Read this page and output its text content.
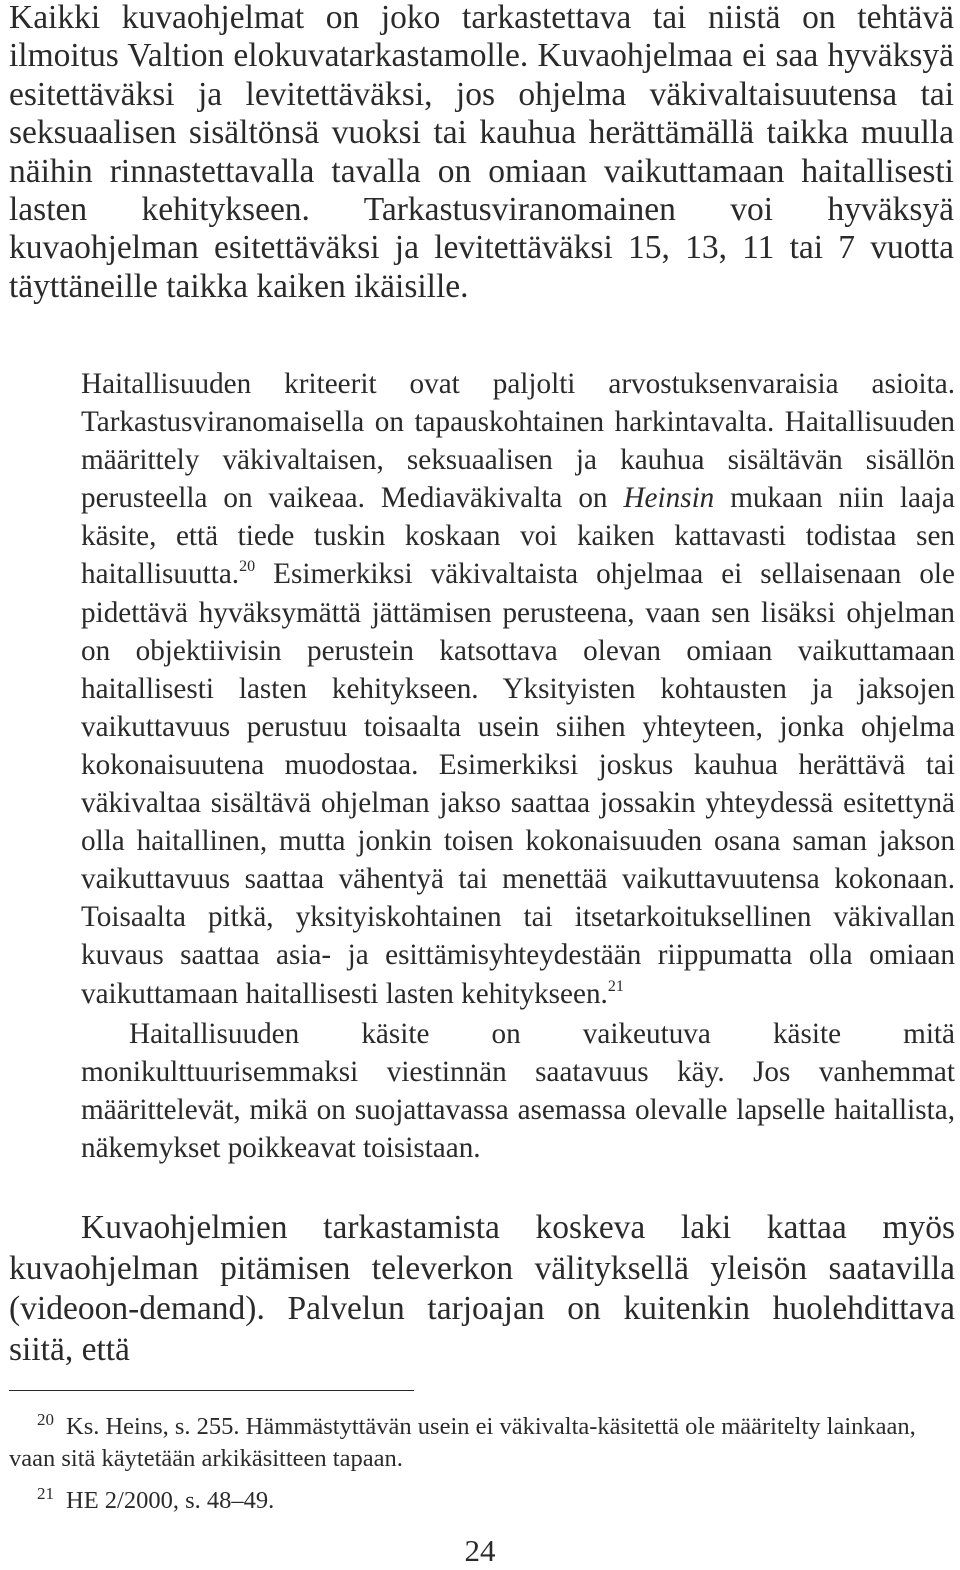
Kaikki kuvaohjelmat on joko tarkastettava tai niistä on tehtävä ilmoitus Valtion elokuvatarkastamolle. Kuvaohjelmaa ei saa hyväksyä esitettäväksi ja levitettäväksi, jos ohjelma väkivaltaisuutensa tai seksuaalisen sisältönsä vuoksi tai kauhua herättämällä taikka muulla näihin rinnastettavalla tavalla on omiaan vaikuttamaan haitallisesti lasten kehitykseen. Tarkastusviranomainen voi hyväksyä kuvaohjelman esitettäväksi ja levitettäväksi 15, 13, 11 tai 7 vuotta täyttäneille taikka kaiken ikäisille.

Haitallisuuden kriteerit ovat paljolti arvostuksenvaraisia asioita. Tarkastusviranomaisella on tapauskohtainen harkintavalta. Haitallisuuden määrittely väkivaltaisen, seksuaalisen ja kauhua sisältävän sisällön perusteella on vaikeaa. Mediaväkivalta on Heinsin mukaan niin laaja käsite, että tiede tuskin koskaan voi kaiken kattavasti todistaa sen haitallisuutta.$^{20}$ Esimerkiksi väkivaltaista ohjelmaa ei sellaisenaan ole pidettävä hyväksymättä jättämisen perusteena, vaan sen lisäksi ohjelman on objektiivisin perustein katsottava olevan omiaan vaikuttamaan haitallisesti lasten kehitykseen. Yksityisten kohtausten ja jaksojen vaikuttavuus perustuu toisaalta usein siihen yhteyteen, jonka ohjelma kokonaisuutena muodostaa. Esimerkiksi joskus kauhua herättävä tai väkivaltaa sisältävä ohjelman jakso saattaa jossakin yhteydessä esitettynä olla haitallinen, mutta jonkin toisen kokonaisuuden osana saman jakson vaikuttavuus saattaa vähentyä tai menettää vaikuttavuutensa kokonaan. Toisaalta pitkä, yksityiskohtainen tai itsetarkoituksellinen väkivallan kuvaus saattaa asia- ja esittämisyhteydestään riippumatta olla omiaan vaikuttamaan haitallisesti lasten kehitykseen.$^{21}$

Haitallisuuden käsite on vaikeutuva käsite mitä monikulttuurisemmaksi viestinnän saatavuus käy. Jos vanhemmat määrittelevät, mikä on suojattavassa asemassa olevalle lapselle haitallista, näkemykset poikkeavat toisistaan.

Kuvaohjelmien tarkastamista koskeva laki kattaa myös kuvaohjelman pitämisen televerkon välityksellä yleisön saatavilla (videoon-demand). Palvelun tarjoajan on kuitenkin huolehdittava siitä, että

$^{20}$ Ks. Heins, s. 255. Hämmästyttävän usein ei väkivalta-käsitettä ole määritelty lainkaan, vaan sitä käytetään arkikäsitteen tapaan.

$^{21}$ HE 2/2000, s. 48–49.

24
